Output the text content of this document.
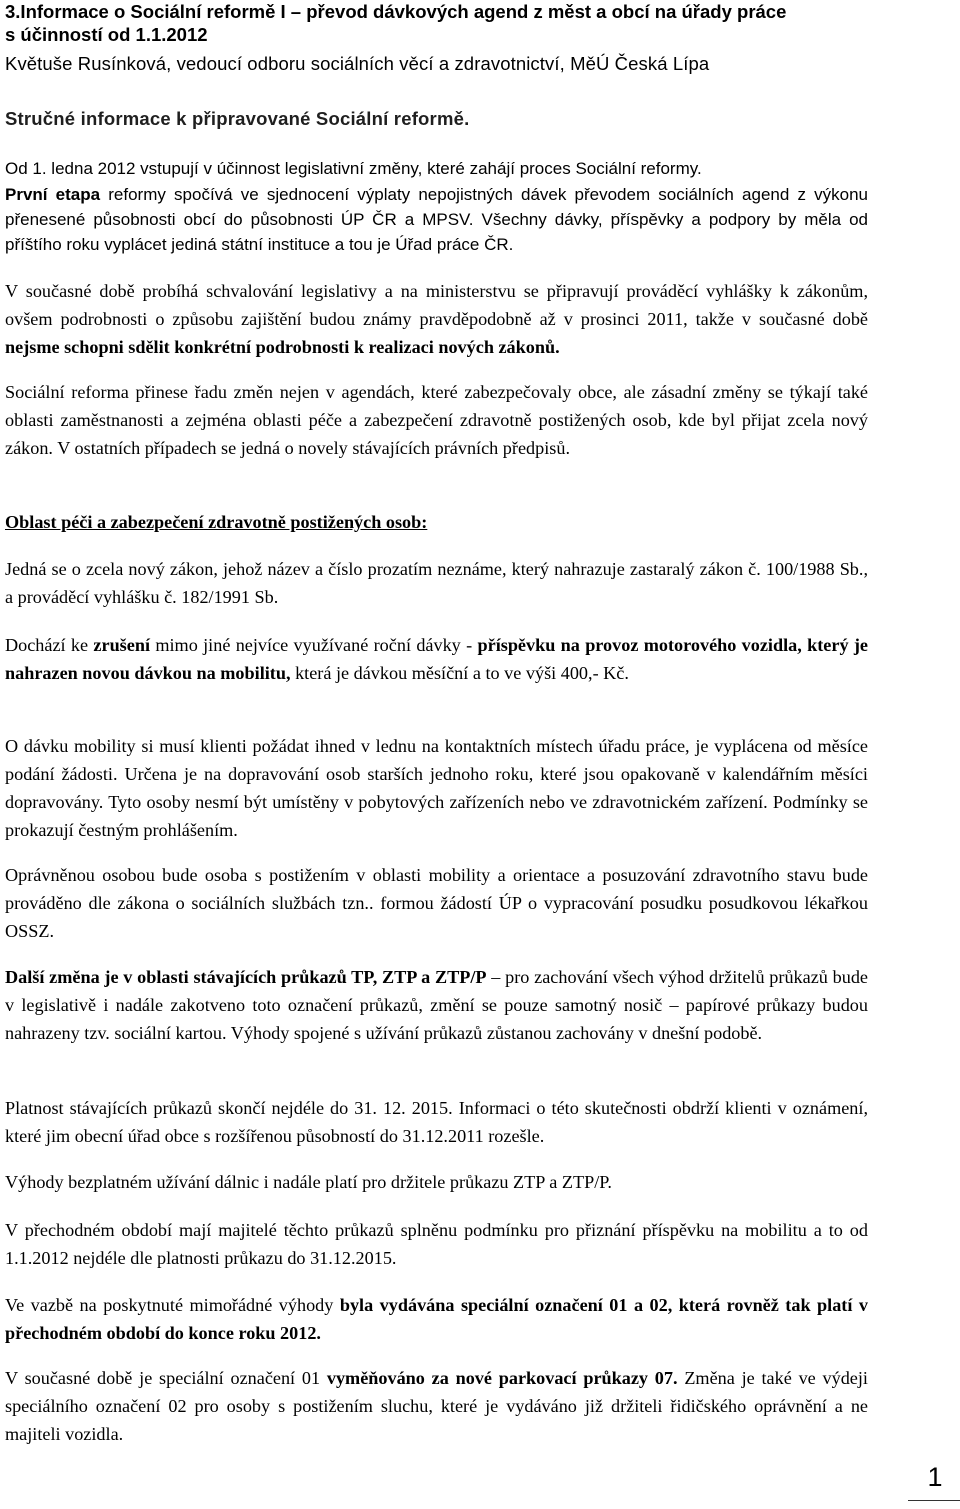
3.Informace o Sociální reformě I – převod dávkových agend z měst a obcí na úřady práce
s účinností od 1.1.2012
Květuše Rusínková, vedoucí odboru sociálních věcí a zdravotnictví, MěÚ Česká Lípa
Stručné informace k připravované Sociální reformě.

Od 1. ledna 2012 vstupují v účinnost legislativní změny, které zahájí proces Sociální reformy.

První etapa reformy spočívá ve sjednocení výplaty nepojistných dávek převodem sociálních agend z výkonu přenesené působnosti obcí do působnosti ÚP ČR a MPSV. Všechny dávky, příspěvky a podpory by měla od příštího roku vyplácet jediná státní instituce a tou je Úřad práce ČR.

V současné době probíhá schvalování legislativy a na ministerstvu se připravují prováděcí vyhlášky k zákonům, ovšem podrobnosti o způsobu zajištění budou známy pravděpodobně až v prosinci 2011, takže v současné době nejsme schopni sdělit konkrétní podrobnosti k realizaci nových zákonů.

Sociální reforma přinese řadu změn nejen v agendách, které zabezpečovaly obce, ale zásadní změny se týkají také oblasti zaměstnanosti a zejména oblasti péče a zabezpečení zdravotně postižených osob, kde byl přijat zcela nový zákon. V ostatních případech se jedná o novely stávajících právních předpisů.

Oblast péči a zabezpečení zdravotně postižených osob:

Jedná se o zcela nový zákon, jehož název a číslo prozatím neznáme, který nahrazuje zastaralý zákon č. 100/1988 Sb., a prováděcí vyhlášku č. 182/1991 Sb.

Dochází ke zrušení mimo jiné nejvíce využívané roční dávky - příspěvku na provoz motorového vozidla, který je nahrazen novou dávkou na mobilitu, která je dávkou měsíční a to ve výši 400,- Kč.

O dávku mobility si musí klienti požádat ihned v lednu na kontaktních místech úřadu práce, je vyplácena od měsíce podání žádosti. Určena je na dopravování osob starších jednoho roku, které jsou opakovaně v kalendářním měsíci dopravovány. Tyto osoby nesmí být umístěny v pobytových zařízeních nebo ve zdravotnickém zařízení. Podmínky se prokazují čestným prohlášením.

Oprávněnou osobou bude osoba s postižením v oblasti mobility a orientace a posuzování zdravotního stavu bude prováděno dle zákona o sociálních službách tzn.. formou žádostí ÚP o vypracování posudku posudkovou lékařkou OSSZ.

Další změna je v oblasti stávajících průkazů TP, ZTP a ZTP/P – pro zachování všech výhod držitelů průkazů bude v legislativě i nadále zakotveno toto označení průkazů, změní se pouze samotný nosič – papírové průkazy budou nahrazeny tzv. sociální kartou. Výhody spojené s užívání průkazů zůstanou zachovány v dnešní podobě.

Platnost stávajících průkazů skončí nejdéle do 31. 12. 2015. Informaci o této skutečnosti obdrží klienti v oznámení, které jim obecní úřad obce s rozšířenou působností do 31.12.2011 rozešle.

Výhody bezplatném užívání dálnic i nadále platí pro držitele průkazu ZTP a ZTP/P.

V přechodném období mají majitelé těchto průkazů splněnu podmínku pro přiznání příspěvku na mobilitu a to od 1.1.2012 nejdéle dle platnosti průkazu do 31.12.2015.

Ve vazbě na poskytnuté mimořádné výhody byla vydávána speciální označení 01 a 02, která rovněž tak platí v přechodném období do konce roku 2012.

V současné době je speciální označení 01 vyměňováno za nové parkovací průkazy 07. Změna je také ve výdeji speciálního označení 02 pro osoby s postižením sluchu, které je vydáváno již držiteli řidičského oprávnění a ne majiteli vozidla.

1
